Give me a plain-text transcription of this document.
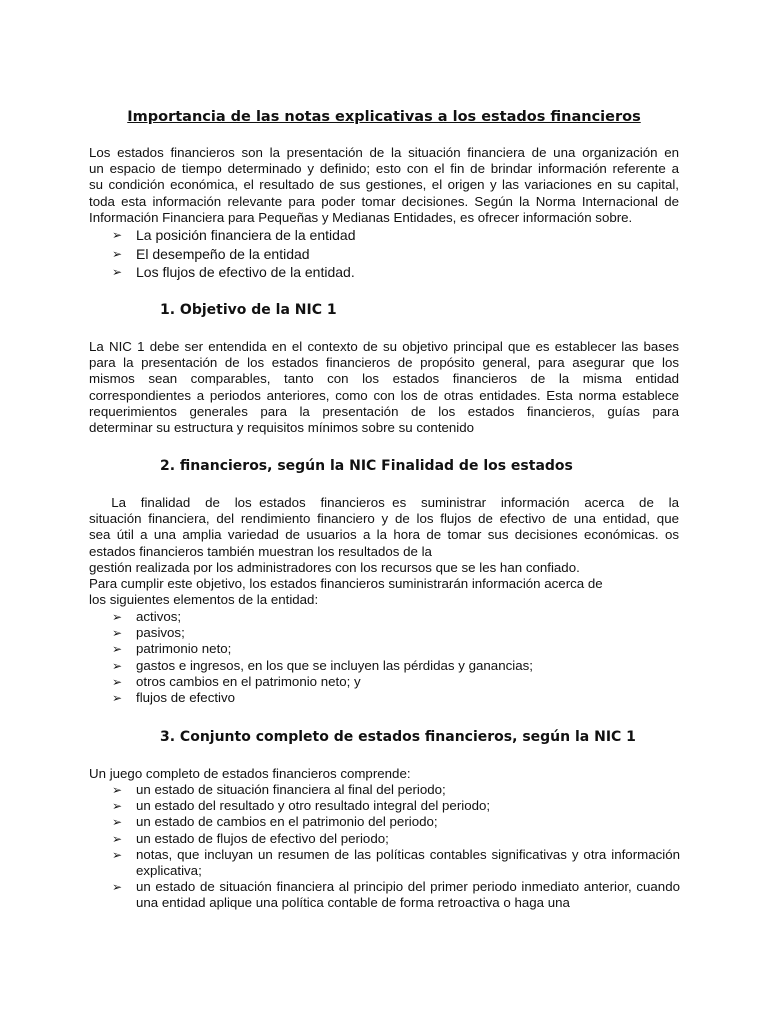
Importancia de las notas explicativas a los estados financieros

Los estados financieros son la presentación de la situación financiera de una organización en
un espacio de tiempo determinado y definido; esto con el fin de brindar información referente a
su condición económica, el resultado de sus gestiones, el origen y las variaciones en su capital,
toda esta información relevante para poder tomar decisiones. Según la Norma Internacional de
Información Financiera para Pequeñas y Medianas Entidades, es ofrecer información sobre.

➢ La posición financiera de la entidad
➢ El desempeño de la entidad
➢ Los flujos de efectivo de la entidad.
1. Objetivo de la NIC 1

La NIC 1 debe ser entendida en el contexto de su objetivo principal que es establecer las bases
para la presentación de los estados financieros de propósito general, para asegurar que los
mismos sean comparables, tanto con los estados financieros de la misma entidad
correspondientes a periodos anteriores, como con los de otras entidades. Esta norma establece
requerimientos generales para la presentación de los estados financieros, guías para
determinar su estructura y requisitos mínimos sobre su contenido

2. financieros, según la NIC Finalidad de los estados

La  finalidad  de  los estados  financieros es  suministrar  información  acerca  de  la
situación financiera, del rendimiento financiero y de los flujos de efectivo de una entidad, que
sea útil a una amplia variedad de usuarios a la hora de tomar sus decisiones económicas. os
estados financieros también muestran los resultados de la
gestión realizada por los administradores con los recursos que se les han confiado.
Para cumplir este objetivo, los estados financieros suministrarán información acerca de
los siguientes elementos de la entidad:

➢ activos;
➢ pasivos;
➢ patrimonio neto;
➢ gastos e ingresos, en los que se incluyen las pérdidas y ganancias;
➢ otros cambios en el patrimonio neto; y
➢ flujos de efectivo
3. Conjunto completo de estados financieros, según la NIC 1

Un juego completo de estados financieros comprende:

➢ un estado de situación financiera al final del periodo;
➢ un estado del resultado y otro resultado integral del periodo;
➢ un estado de cambios en el patrimonio del periodo;
➢ un estado de flujos de efectivo del periodo;
➢ notas, que incluyan un resumen de las políticas contables significativas y otra información explicativa;
➢ un estado de situación financiera al principio del primer periodo inmediato anterior, cuando una entidad aplique una política contable de forma retroactiva o haga una
